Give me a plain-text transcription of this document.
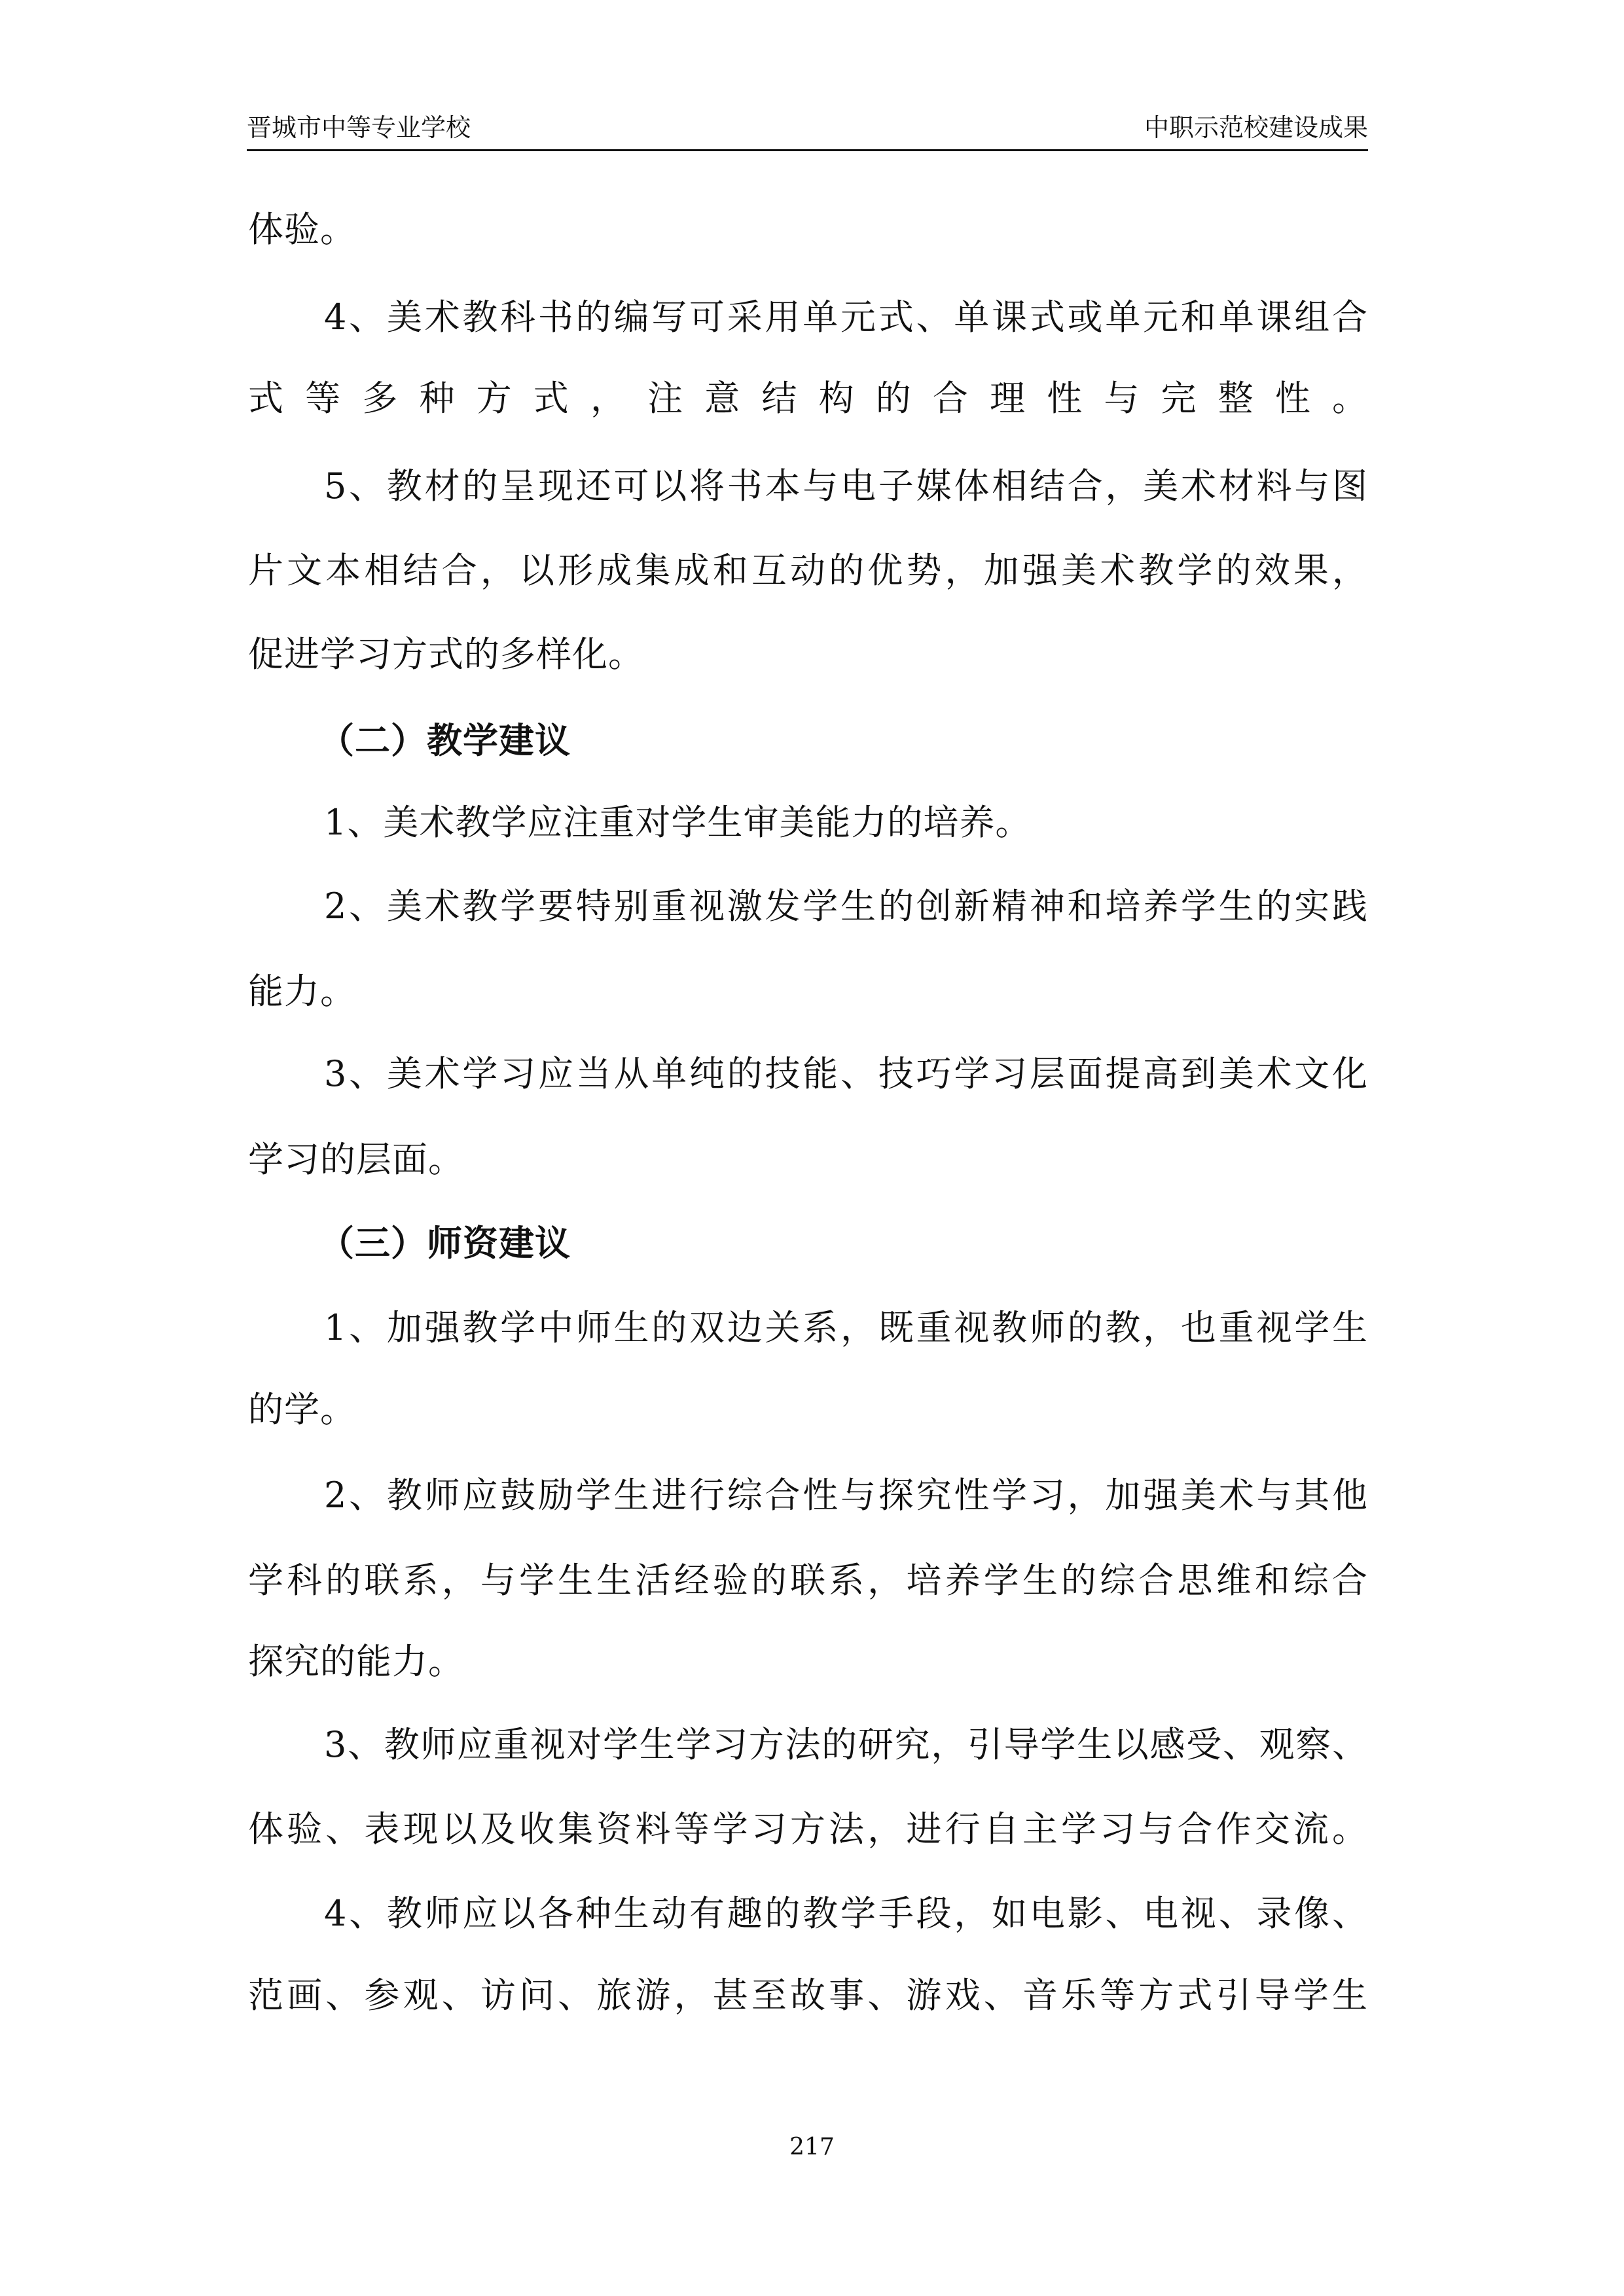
晋城市中等专业学校	中职示范校建设成果
体验。
4、美术教科书的编写可采用单元式、单课式或单元和单课组合
式等多种方式，注意结构的合理性与完整性。
5、教材的呈现还可以将书本与电子媒体相结合，美术材料与图
片文本相结合，以形成集成和互动的优势，加强美术教学的效果，
促进学习方式的多样化。
（二）教学建议
1、美术教学应注重对学生审美能力的培养。
2、美术教学要特别重视激发学生的创新精神和培养学生的实践
能力。
3、美术学习应当从单纯的技能、技巧学习层面提高到美术文化
学习的层面。
（三）师资建议
1、加强教学中师生的双边关系，既重视教师的教，也重视学生
的学。
2、教师应鼓励学生进行综合性与探究性学习，加强美术与其他
学科的联系，与学生生活经验的联系，培养学生的综合思维和综合
探究的能力。
3、教师应重视对学生学习方法的研究，引导学生以感受、观察、
体验、表现以及收集资料等学习方法，进行自主学习与合作交流。
4、教师应以各种生动有趣的教学手段，如电影、电视、录像、
范画、参观、访问、旅游，甚至故事、游戏、音乐等方式引导学生
217
